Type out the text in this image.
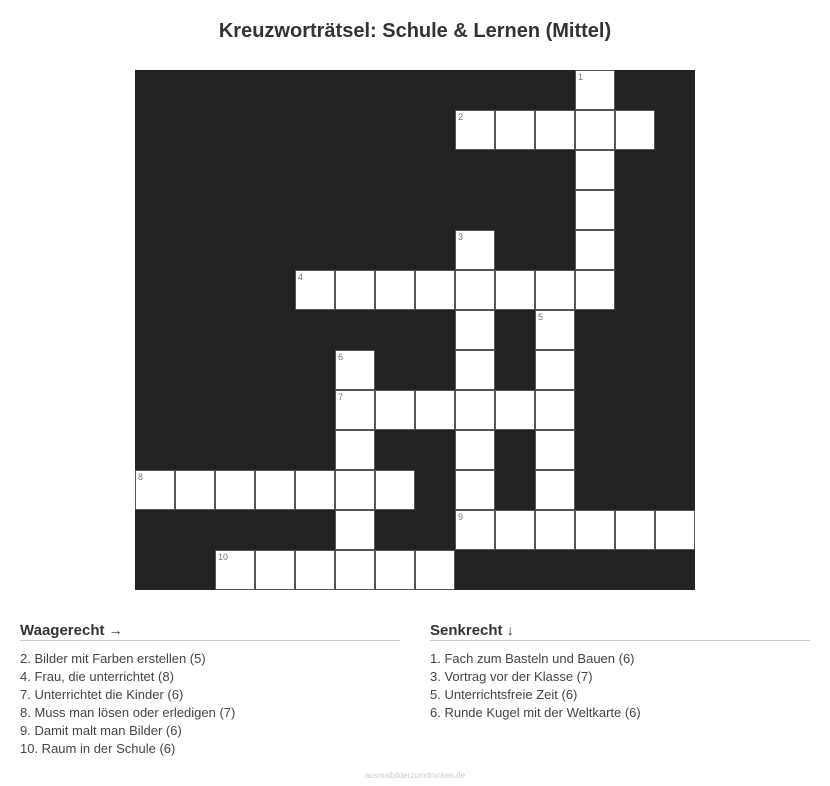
Kreuzworträtsel: Schule & Lernen (Mittel)
1
2
3
4
5
6
7
8
9
10
Waagerecht →
2. Bilder mit Farben erstellen (5)
4. Frau, die unterrichtet (8)
7. Unterrichtet die Kinder (6)
8. Muss man lösen oder erledigen (7)
9. Damit malt man Bilder (6)
10. Raum in der Schule (6)
Senkrecht ↓
1. Fach zum Basteln und Bauen (6)
3. Vortrag vor der Klasse (7)
5. Unterrichtsfreie Zeit (6)
6. Runde Kugel mit der Weltkarte (6)
ausmalbilderzumdrucken.de
